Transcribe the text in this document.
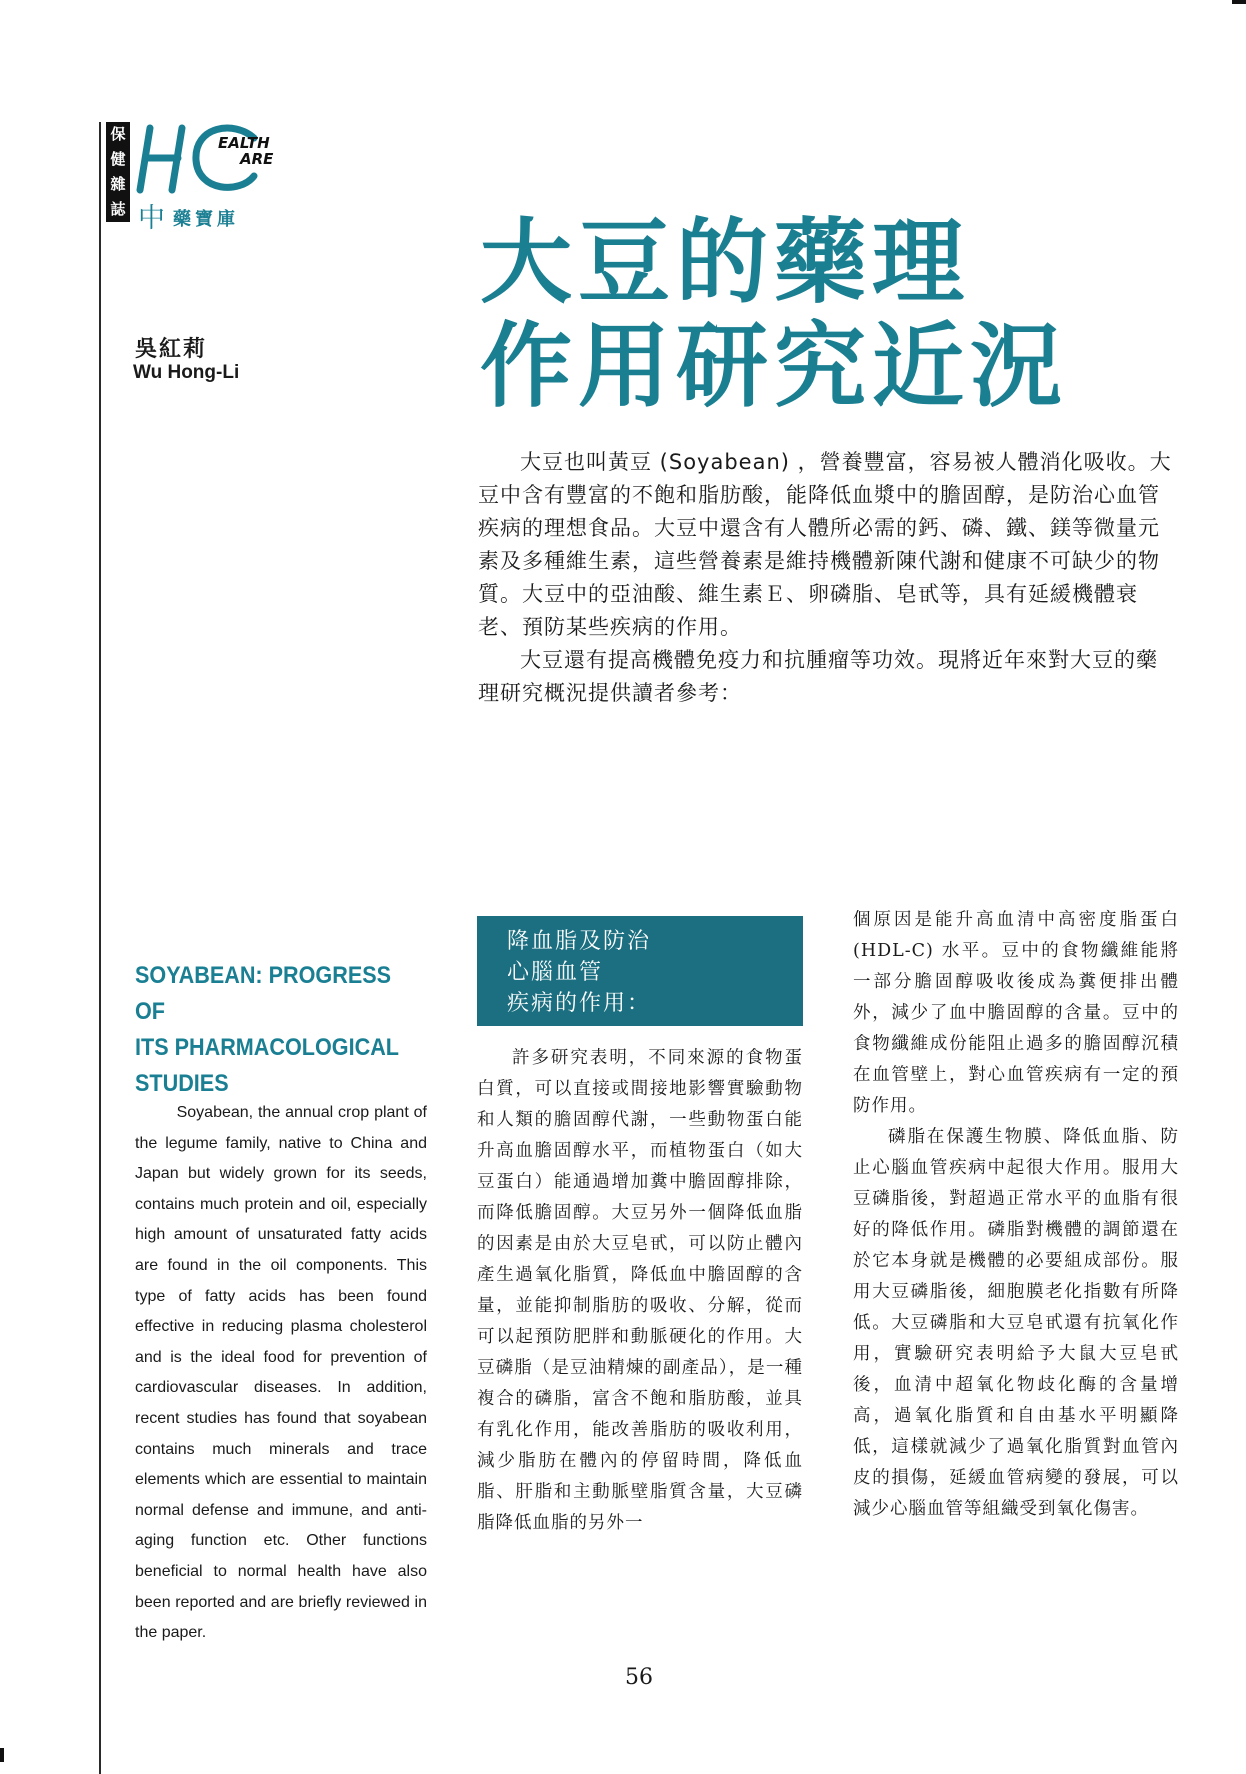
保
健
雜
誌
EALTH
ARE
中藥寶庫	大豆的藥理
作用研究近況
吳紅莉
Wu Hong-Li

大豆也叫黃豆 (Soyabean) ，營養豐富，容易被人體消化吸收。大豆中含有豐富的不飽和脂肪酸，能降低血漿中的膽固醇，是防治心血管疾病的理想食品。大豆中還含有人體所必需的鈣、磷、鐵、鎂等微量元素及多種維生素，這些營養素是維持機體新陳代謝和健康不可缺少的物質。大豆中的亞油酸、維生素Ｅ、卵磷脂、皂甙等，具有延緩機體衰老、預防某些疾病的作用。

大豆還有提高機體免疫力和抗腫瘤等功效。現將近年來對大豆的藥理研究概況提供讀者參考：

SOYABEAN: PROGRESS OF
ITS PHARMACOLOGICAL
STUDIES

Soyabean, the annual crop plant of the legume family, native to China and Japan but widely grown for its seeds, contains much protein and oil, especially high amount of unsaturated fatty acids are found in the oil components. This type of fatty acids has been found effective in reducing plasma cholesterol and is the ideal food for prevention of cardiovascular diseases. In addition, recent studies has found that soyabean contains much minerals and trace elements which are essential to maintain normal defense and immune, and anti-aging function etc. Other functions beneficial to normal health have also been reported and are briefly reviewed in the paper.

降血脂及防治
心腦血管
疾病的作用：

許多研究表明，不同來源的食物蛋白質，可以直接或間接地影響實驗動物和人類的膽固醇代謝，一些動物蛋白能升高血膽固醇水平，而植物蛋白（如大豆蛋白）能通過增加糞中膽固醇排除，而降低膽固醇。大豆另外一個降低血脂的因素是由於大豆皂甙，可以防止體內產生過氧化脂質，降低血中膽固醇的含量，並能抑制脂肪的吸收、分解，從而可以起預防肥胖和動脈硬化的作用。大豆磷脂（是豆油精煉的副產品），是一種複合的磷脂，富含不飽和脂肪酸，並具有乳化作用，能改善脂肪的吸收利用，減少脂肪在體內的停留時間，降低血脂、肝脂和主動脈壁脂質含量，大豆磷脂降低血脂的另外一

個原因是能升高血清中高密度脂蛋白 (HDL-C) 水平。豆中的食物纖維能將一部分膽固醇吸收後成為糞便排出體外，減少了血中膽固醇的含量。豆中的食物纖維成份能阻止過多的膽固醇沉積在血管壁上，對心血管疾病有一定的預防作用。

磷脂在保護生物膜、降低血脂、防止心腦血管疾病中起很大作用。服用大豆磷脂後，對超過正常水平的血脂有很好的降低作用。磷脂對機體的調節還在於它本身就是機體的必要組成部份。服用大豆磷脂後，細胞膜老化指數有所降低。大豆磷脂和大豆皂甙還有抗氧化作用，實驗研究表明給予大鼠大豆皂甙後，血清中超氧化物歧化酶的含量增高，過氧化脂質和自由基水平明顯降低，這樣就減少了過氧化脂質對血管內皮的損傷，延緩血管病變的發展，可以減少心腦血管等組織受到氧化傷害。

56
